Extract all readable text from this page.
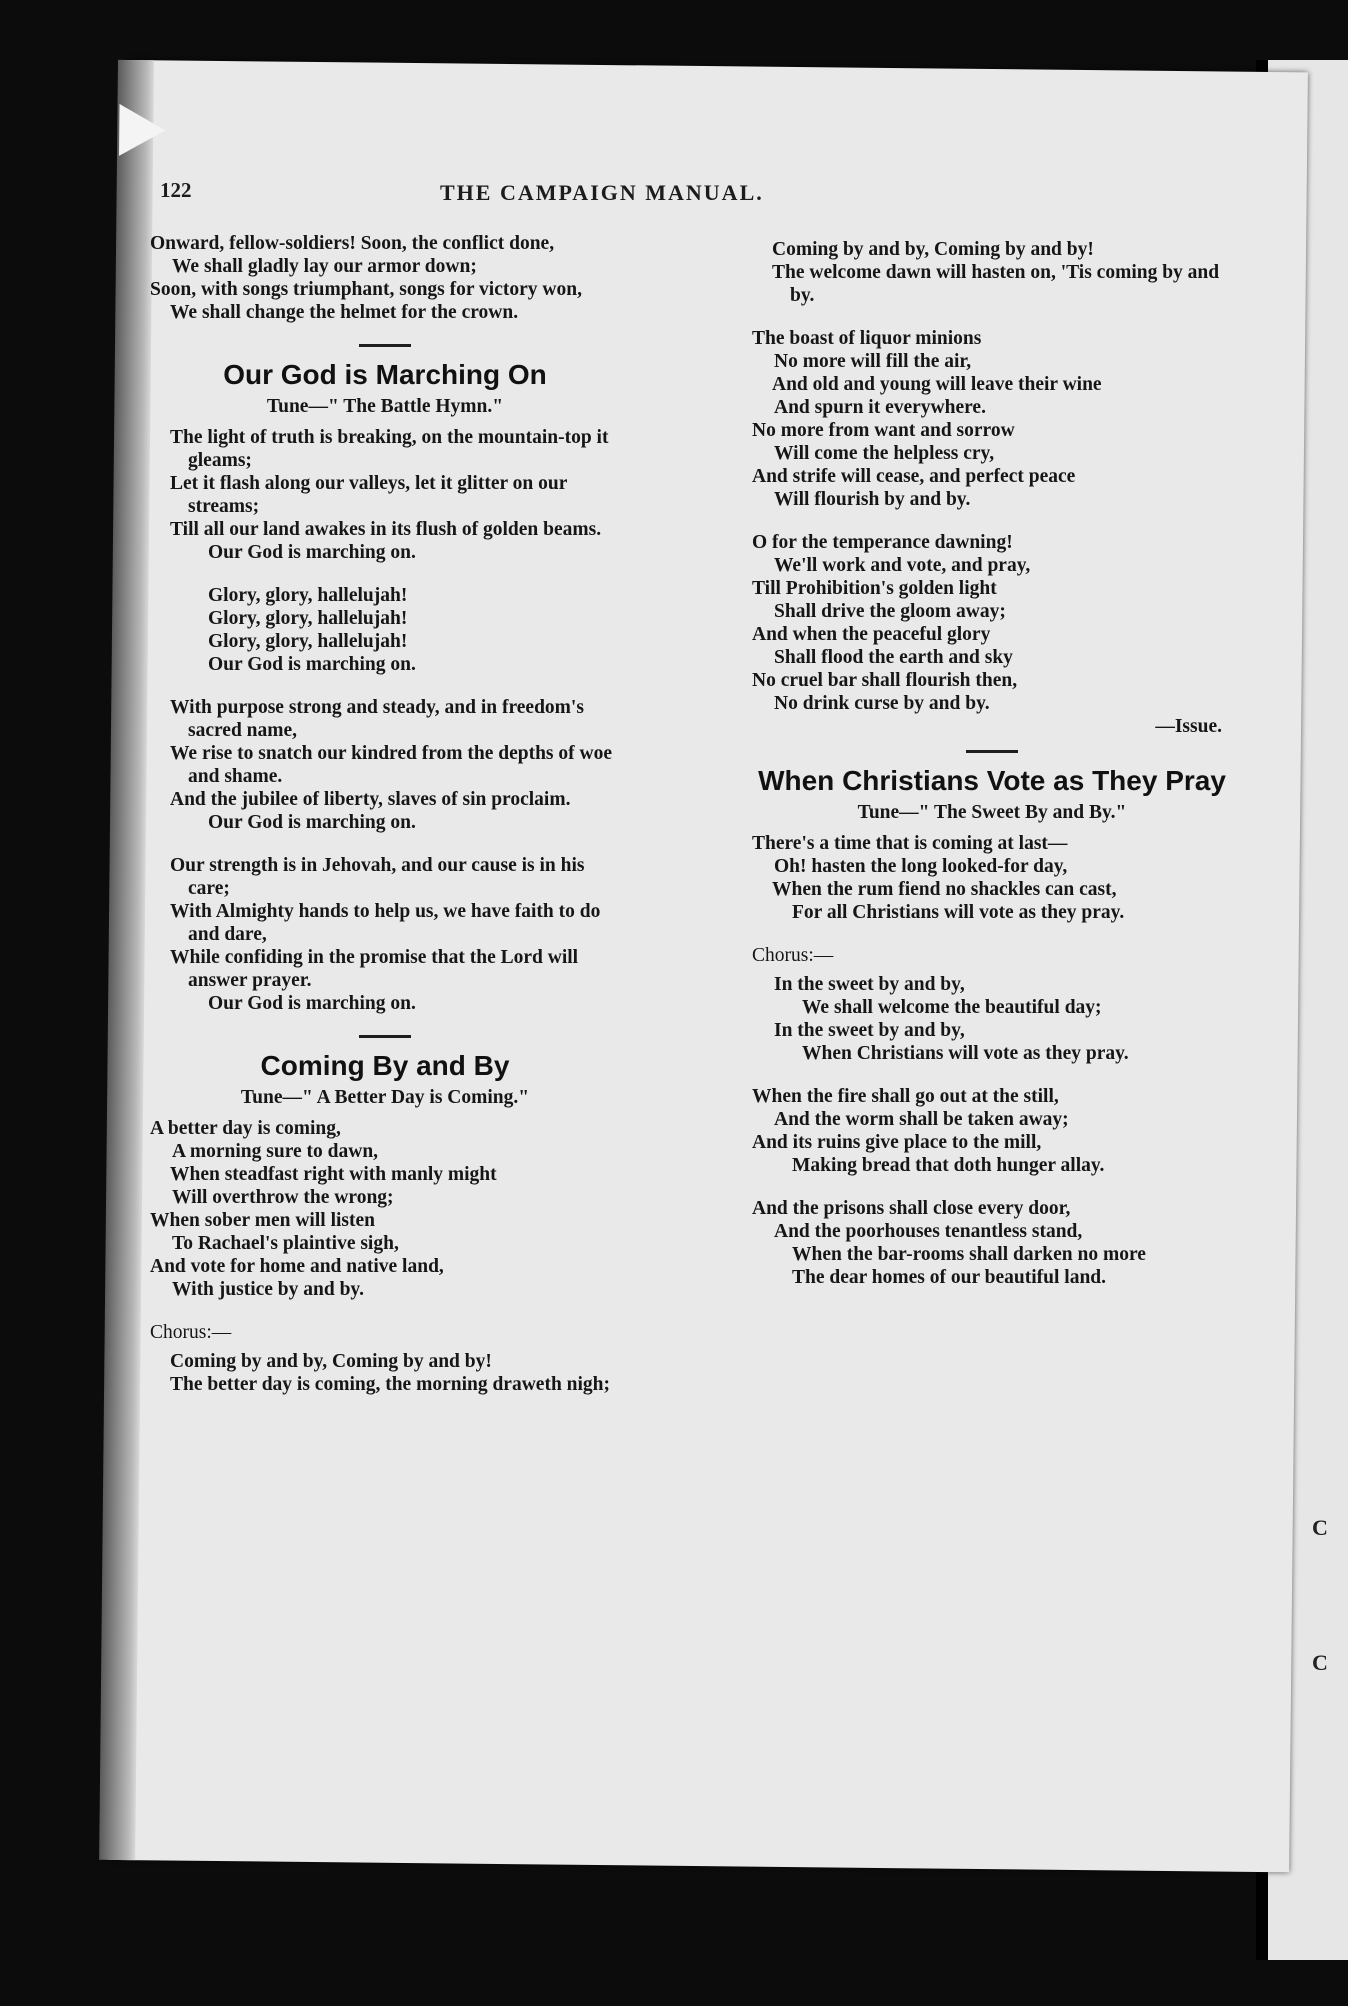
C
C
122	THE CAMPAIGN MANUAL.
Onward, fellow-soldiers! Soon, the conflict done,
We shall gladly lay our armor down;
Soon, with songs triumphant, songs for victory won,
We shall change the helmet for the crown.
Our God is Marching On
Tune—" The Battle Hymn."
The light of truth is breaking, on the mountain-top it gleams;
Let it flash along our valleys, let it glitter on our streams;
Till all our land awakes in its flush of golden beams.
Our God is marching on.
Glory, glory, hallelujah!
Glory, glory, hallelujah!
Glory, glory, hallelujah!
Our God is marching on.
With purpose strong and steady, and in freedom's sacred name,
We rise to snatch our kindred from the depths of woe and shame.
And the jubilee of liberty, slaves of sin proclaim.
Our God is marching on.
Our strength is in Jehovah, and our cause is in his care;
With Almighty hands to help us, we have faith to do and dare,
While confiding in the promise that the Lord will answer prayer.
Our God is marching on.
Coming By and By
Tune—" A Better Day is Coming."
A better day is coming,
A morning sure to dawn,
When steadfast right with manly might
Will overthrow the wrong;
When sober men will listen
To Rachael's plaintive sigh,
And vote for home and native land,
With justice by and by.
Chorus:—
Coming by and by, Coming by and by!
The better day is coming, the morning draweth nigh;
Coming by and by, Coming by and by!
The welcome dawn will hasten on, 'Tis coming by and by.
The boast of liquor minions
No more will fill the air,
And old and young will leave their wine
And spurn it everywhere.
No more from want and sorrow
Will come the helpless cry,
And strife will cease, and perfect peace
Will flourish by and by.
O for the temperance dawning!
We'll work and vote, and pray,
Till Prohibition's golden light
Shall drive the gloom away;
And when the peaceful glory
Shall flood the earth and sky
No cruel bar shall flourish then,
No drink curse by and by.
—Issue.
When Christians Vote as They Pray
Tune—" The Sweet By and By."
There's a time that is coming at last—
Oh! hasten the long looked-for day,
When the rum fiend no shackles can cast,
For all Christians will vote as they pray.
Chorus:—
In the sweet by and by,
We shall welcome the beautiful day;
In the sweet by and by,
When Christians will vote as they pray.
When the fire shall go out at the still,
And the worm shall be taken away;
And its ruins give place to the mill,
Making bread that doth hunger allay.
And the prisons shall close every door,
And the poorhouses tenantless stand,
When the bar-rooms shall darken no more
The dear homes of our beautiful land.
